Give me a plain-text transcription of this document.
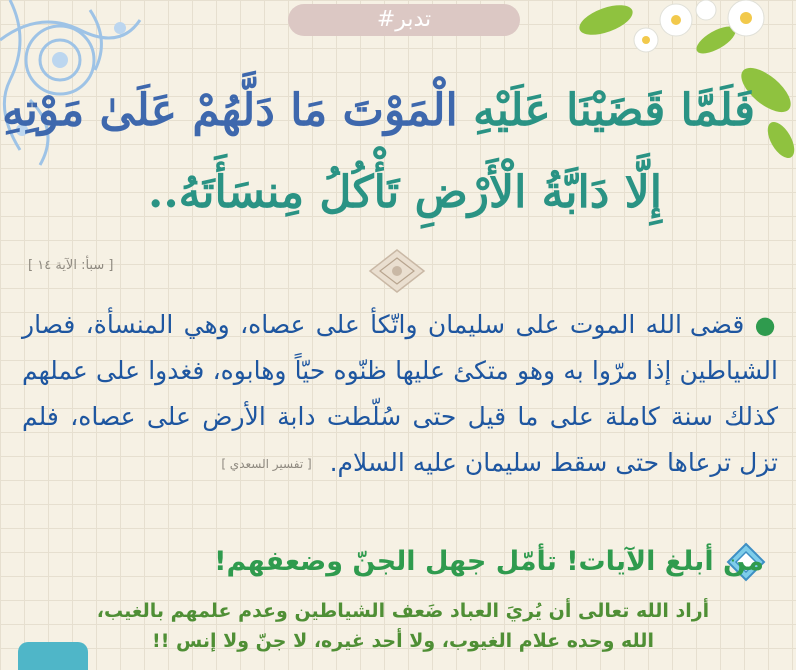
#تدبر
فَلَمَّا قَضَيْنَا عَلَيْهِ الْمَوْتَ مَا دَلَّهُمْ عَلَىٰ مَوْتِهِ
إِلَّا دَابَّةُ الْأَرْضِ تَأْكُلُ مِنسَأَتَهُ..
[ سبأ: الآية ١٤ ]
● قضى الله الموت على سليمان واتّكأ على عصاه، وهي المنسأة، فصار الشياطين إذا مرّوا به وهو متكئ عليها ظنّوه حيّاً وهابوه، فغدوا على عملهم كذلك سنة كاملة على ما قيل حتى سُلّطت دابة الأرض على عصاه، فلم تزل ترعاها حتى سقط سليمان عليه السلام. [ تفسير السعدي ]
من أبلغ الآيات! تأمّل جهل الجنّ وضعفهم!
أراد الله تعالى أن يُريَ العباد ضَعف الشياطين وعدم علمهم بالغيب،
الله وحده علام الغيوب، ولا أحد غيره، لا جنّ ولا إنس !!
